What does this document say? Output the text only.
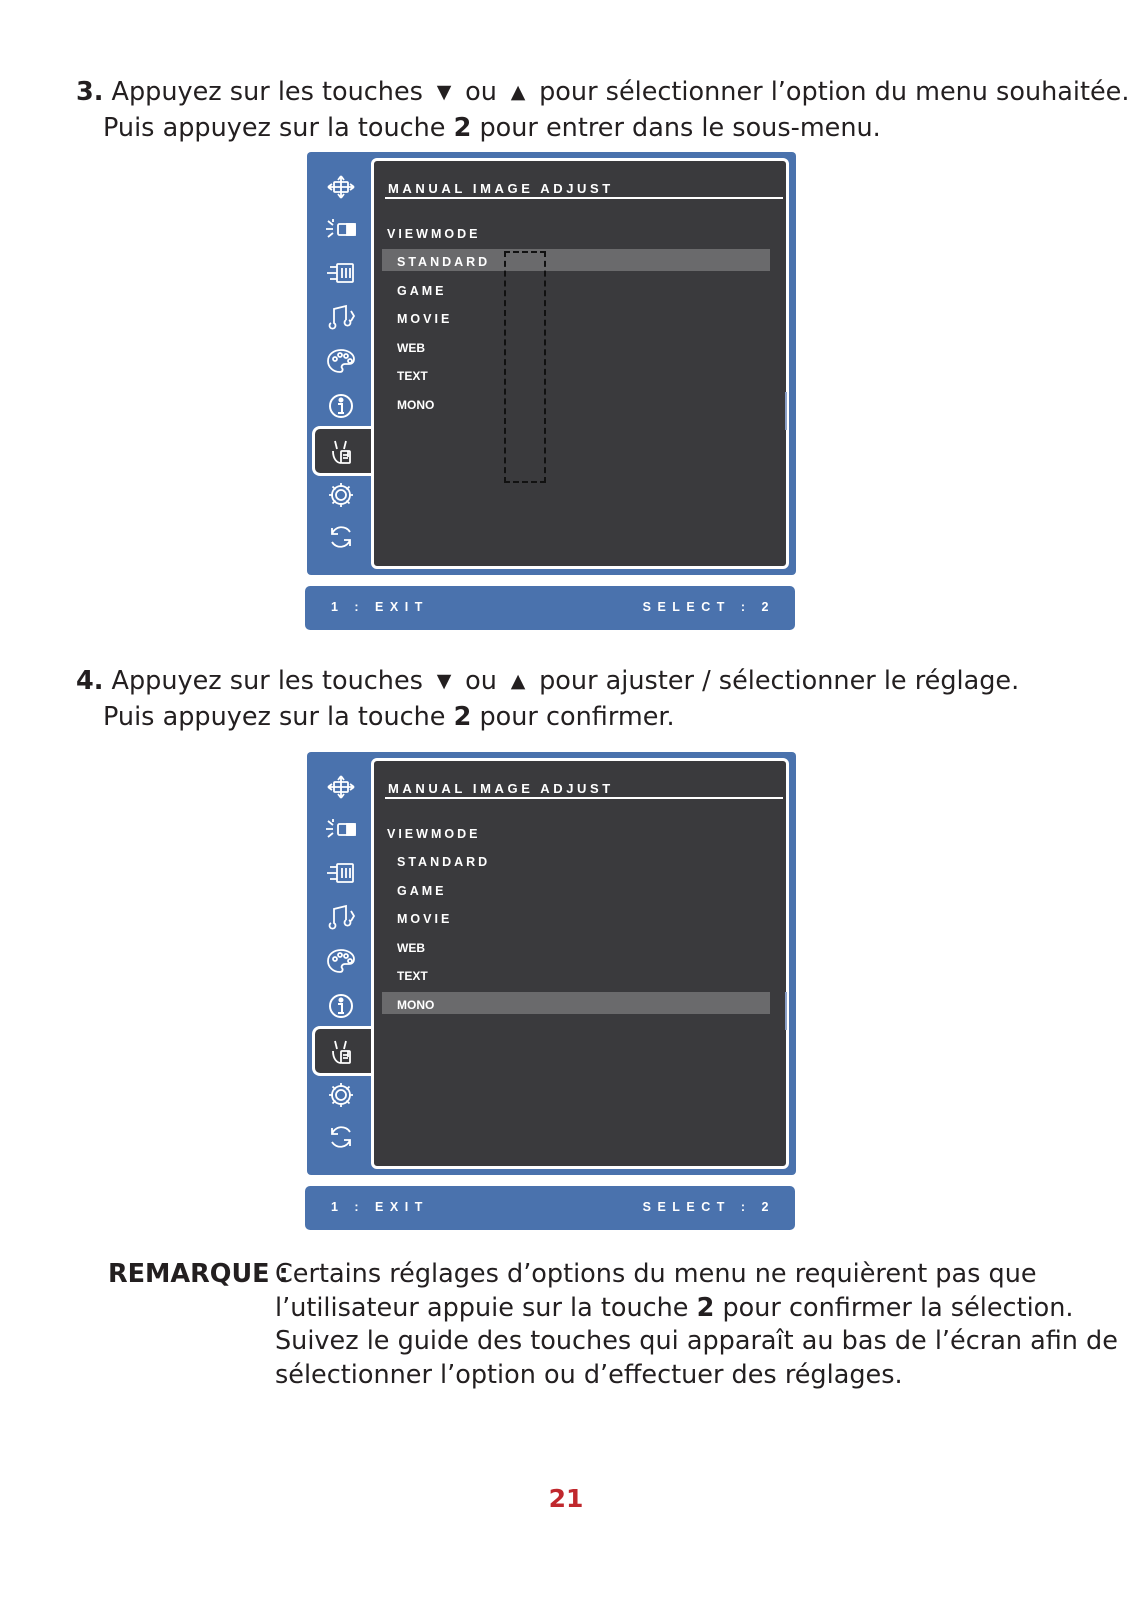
3. Appuyez sur les touches ▼ ou ▲ pour sélectionner l’option du menu souhaitée.
Puis appuyez sur la touche 2 pour entrer dans le sous-menu.
MANUAL IMAGE ADJUST
VIEWMODE
STANDARD
GAME
MOVIE
WEB
TEXT
MONO
1 : EXIT	SELECT : 2
4. Appuyez sur les touches ▼ ou ▲ pour ajuster / sélectionner le réglage.
Puis appuyez sur la touche 2 pour confirmer.
MANUAL IMAGE ADJUST
VIEWMODE
STANDARD
GAME
MOVIE
WEB
TEXT
MONO
1 : EXIT	SELECT : 2
REMARQUE :
Certains réglages d’options du menu ne requièrent pas que
l’utilisateur appuie sur la touche 2 pour confirmer la sélection.
Suivez le guide des touches qui apparaît au bas de l’écran afin de
sélectionner l’option ou d’effectuer des réglages.
21
